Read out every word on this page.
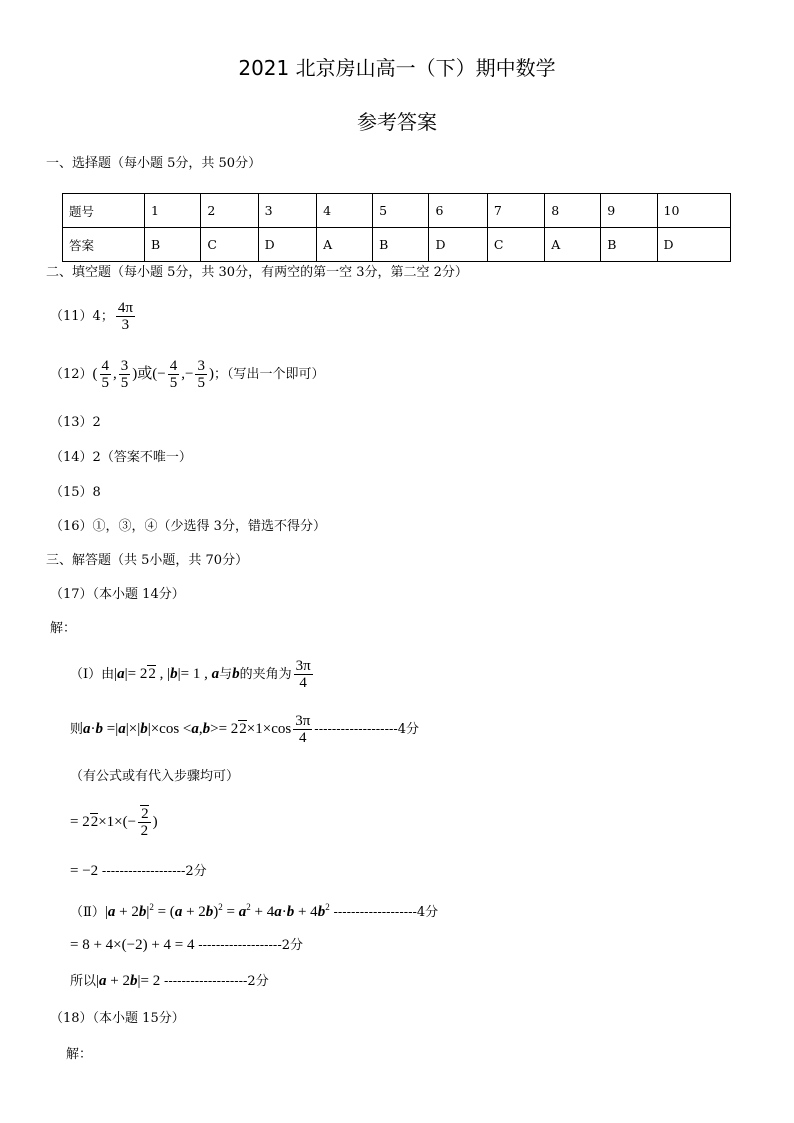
2021 北京房山高一（下）期中数学
参考答案
一、选择题（每小题 5分，共 50分）
题号	1	2	3	4	5	6	7	8	9	10
答案	B	C	D	A	B	D	C	A	B	D
二、填空题（每小题 5分，共 30分，有两空的第一空 3分，第二空 2分）
（11）4； $\frac{4\pi}{3}$
$(12)( \frac{4}{5}$ , $\frac{3}{5}$ )或(− $\frac{4}{5}$ ,− $\frac{3}{5}$ )；（写出一个即可）
（13）2
（14）2（答案不唯一）
（15）8
（16）①，③，④（少选得 3分，错选不得分）
三、解答题（共 5小题，共 70分）
（17）（本小题 14分）
解：
（Ⅰ）由|a|= 22 , |b|= 1 , a与b的夹角为 $\frac{3\pi}{4}$
则$a\cdot b =|a|\times|b|\times\cos <a,b>= 22\times 1\times\cos \frac{3\pi}{4} -------------------4$分
（有公式或有代入步骤均可）
= $22\times 1\times(- \frac{2}{2}$ )
= −2 -------------------2分
（Ⅱ）|a + $2b|^2 = (a + 2b)^2 = a^2 + 4a\cdot b + 4b^2$ -------------------4分
= 8 + 4×(−2) + 4 = 4 -------------------2分
所以|a + 2b|= 2 -------------------2分
（18）（本小题 15分）
解：
